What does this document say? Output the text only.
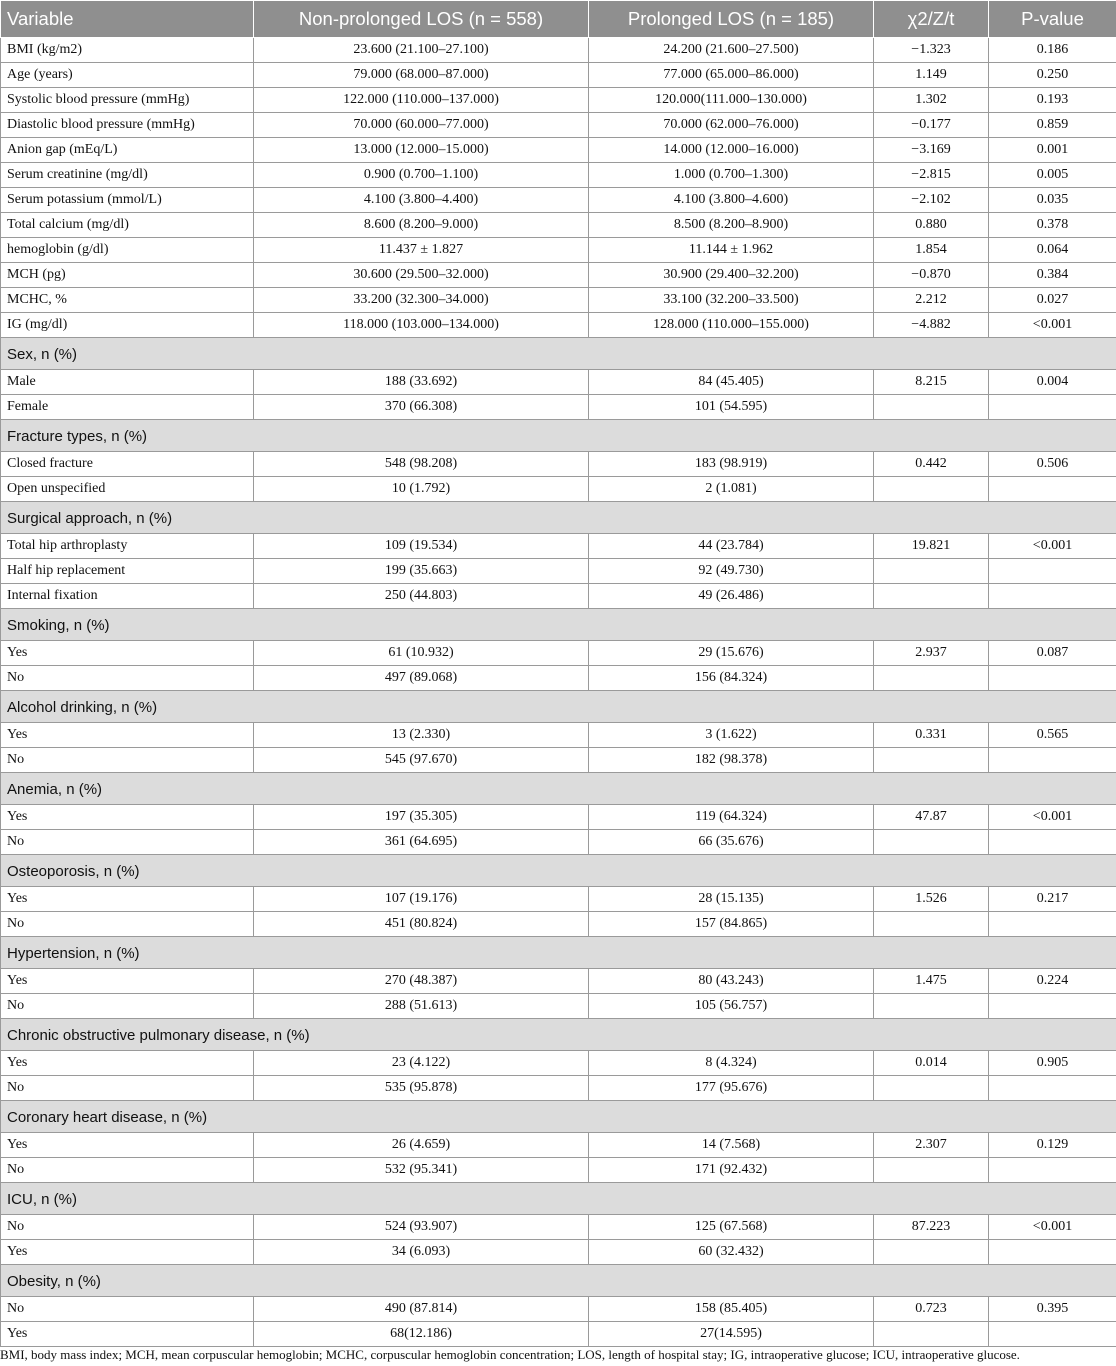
Variable	Non-prolonged LOS (n = 558)	Prolonged LOS (n = 185)	χ2/Z/t	P-value
BMI (kg/m2)	23.600 (21.100–27.100)	24.200 (21.600–27.500)	−1.323	0.186
Age (years)	79.000 (68.000–87.000)	77.000 (65.000–86.000)	1.149	0.250
Systolic blood pressure (mmHg)	122.000 (110.000–137.000)	120.000(111.000–130.000)	1.302	0.193
Diastolic blood pressure (mmHg)	70.000 (60.000–77.000)	70.000 (62.000–76.000)	−0.177	0.859
Anion gap (mEq/L)	13.000 (12.000–15.000)	14.000 (12.000–16.000)	−3.169	0.001
Serum creatinine (mg/dl)	0.900 (0.700–1.100)	1.000 (0.700–1.300)	−2.815	0.005
Serum potassium (mmol/L)	4.100 (3.800–4.400)	4.100 (3.800–4.600)	−2.102	0.035
Total calcium (mg/dl)	8.600 (8.200–9.000)	8.500 (8.200–8.900)	0.880	0.378
hemoglobin (g/dl)	11.437 ± 1.827	11.144 ± 1.962	1.854	0.064
MCH (pg)	30.600 (29.500–32.000)	30.900 (29.400–32.200)	−0.870	0.384
MCHC, %	33.200 (32.300–34.000)	33.100 (32.200–33.500)	2.212	0.027
IG (mg/dl)	118.000 (103.000–134.000)	128.000 (110.000–155.000)	−4.882	<0.001
Sex, n (%)				
Male	188 (33.692)	84 (45.405)	8.215	0.004
Female	370 (66.308)	101 (54.595)		
Fracture types, n (%)				
Closed fracture	548 (98.208)	183 (98.919)	0.442	0.506
Open unspecified	10 (1.792)	2 (1.081)		
Surgical approach, n (%)				
Total hip arthroplasty	109 (19.534)	44 (23.784)	19.821	<0.001
Half hip replacement	199 (35.663)	92 (49.730)		
Internal fixation	250 (44.803)	49 (26.486)		
Smoking, n (%)				
Yes	61 (10.932)	29 (15.676)	2.937	0.087
No	497 (89.068)	156 (84.324)		
Alcohol drinking, n (%)				
Yes	13 (2.330)	3 (1.622)	0.331	0.565
No	545 (97.670)	182 (98.378)		
Anemia, n (%)				
Yes	197 (35.305)	119 (64.324)	47.87	<0.001
No	361 (64.695)	66 (35.676)		
Osteoporosis, n (%)				
Yes	107 (19.176)	28 (15.135)	1.526	0.217
No	451 (80.824)	157 (84.865)		
Hypertension, n (%)				
Yes	270 (48.387)	80 (43.243)	1.475	0.224
No	288 (51.613)	105 (56.757)		
Chronic obstructive pulmonary disease, n (%)				
Yes	23 (4.122)	8 (4.324)	0.014	0.905
No	535 (95.878)	177 (95.676)		
Coronary heart disease, n (%)				
Yes	26 (4.659)	14 (7.568)	2.307	0.129
No	532 (95.341)	171 (92.432)		
ICU, n (%)				
No	524 (93.907)	125 (67.568)	87.223	<0.001
Yes	34 (6.093)	60 (32.432)		
Obesity, n (%)				
No	490 (87.814)	158 (85.405)	0.723	0.395
Yes	68(12.186)	27(14.595)		
BMI, body mass index; MCH, mean corpuscular hemoglobin; MCHC, corpuscular hemoglobin concentration; LOS, length of hospital stay; IG, intraoperative glucose; ICU, intraoperative glucose.
